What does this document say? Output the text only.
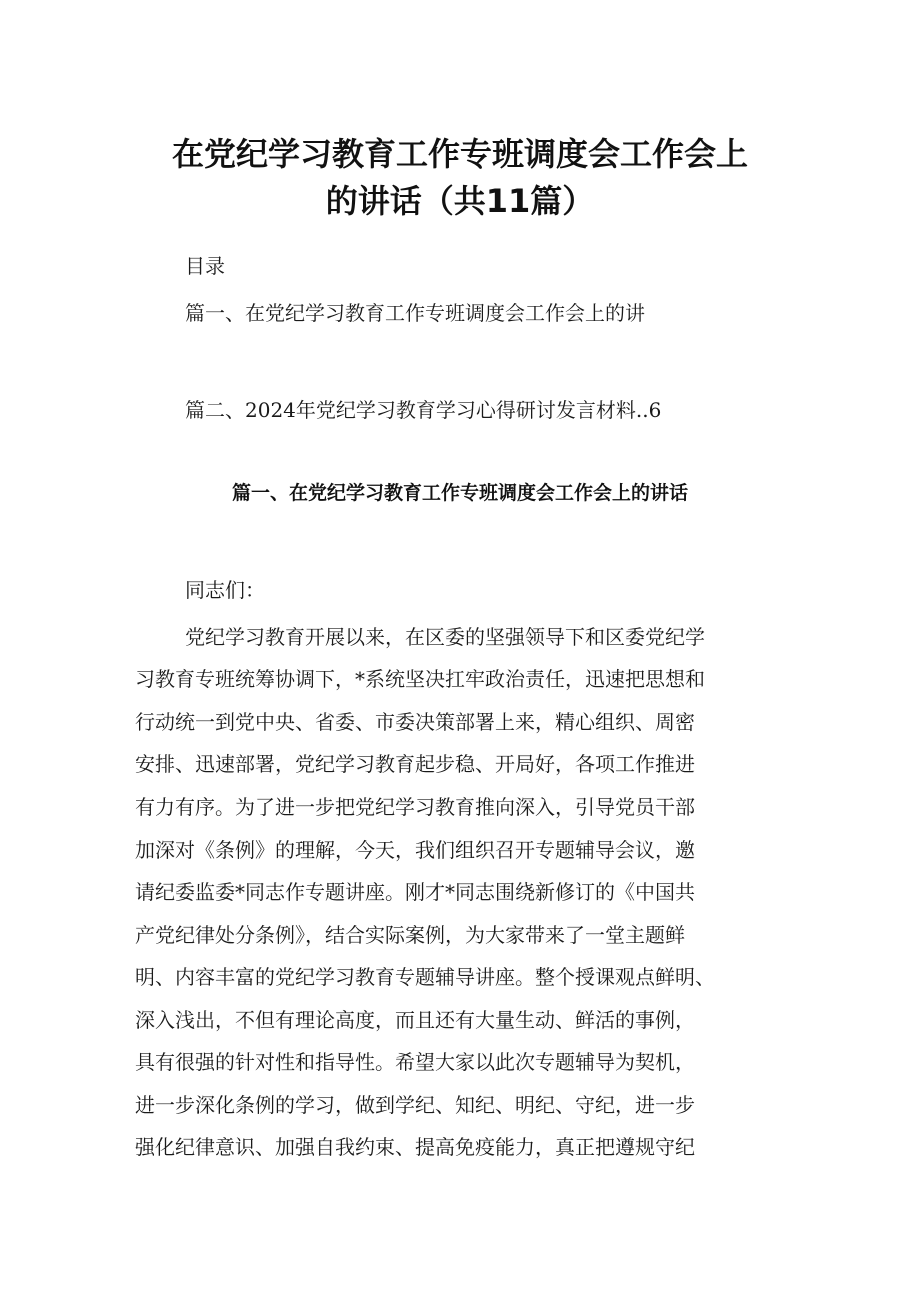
在党纪学习教育工作专班调度会工作会上
的讲话（共11篇）
目录
篇一、在党纪学习教育工作专班调度会工作会上的讲
篇二、2024年党纪学习教育学习心得研讨发言材料..6
篇一、在党纪学习教育工作专班调度会工作会上的讲话
同志们：
党纪学习教育开展以来，在区委的坚强领导下和区委党纪学
习教育专班统筹协调下，*系统坚决扛牢政治责任，迅速把思想和
行动统一到党中央、省委、市委决策部署上来，精心组织、周密
安排、迅速部署，党纪学习教育起步稳、开局好，各项工作推进
有力有序。为了进一步把党纪学习教育推向深入，引导党员干部
加深对《条例》的理解，今天，我们组织召开专题辅导会议，邀
请纪委监委*同志作专题讲座。刚才*同志围绕新修订的《中国共
产党纪律处分条例》，结合实际案例，为大家带来了一堂主题鲜
明、内容丰富的党纪学习教育专题辅导讲座。整个授课观点鲜明、
深入浅出，不但有理论高度，而且还有大量生动、鲜活的事例，
具有很强的针对性和指导性。希望大家以此次专题辅导为契机，
进一步深化条例的学习，做到学纪、知纪、明纪、守纪，进一步
强化纪律意识、加强自我约束、提高免疫能力，真正把遵规守纪
